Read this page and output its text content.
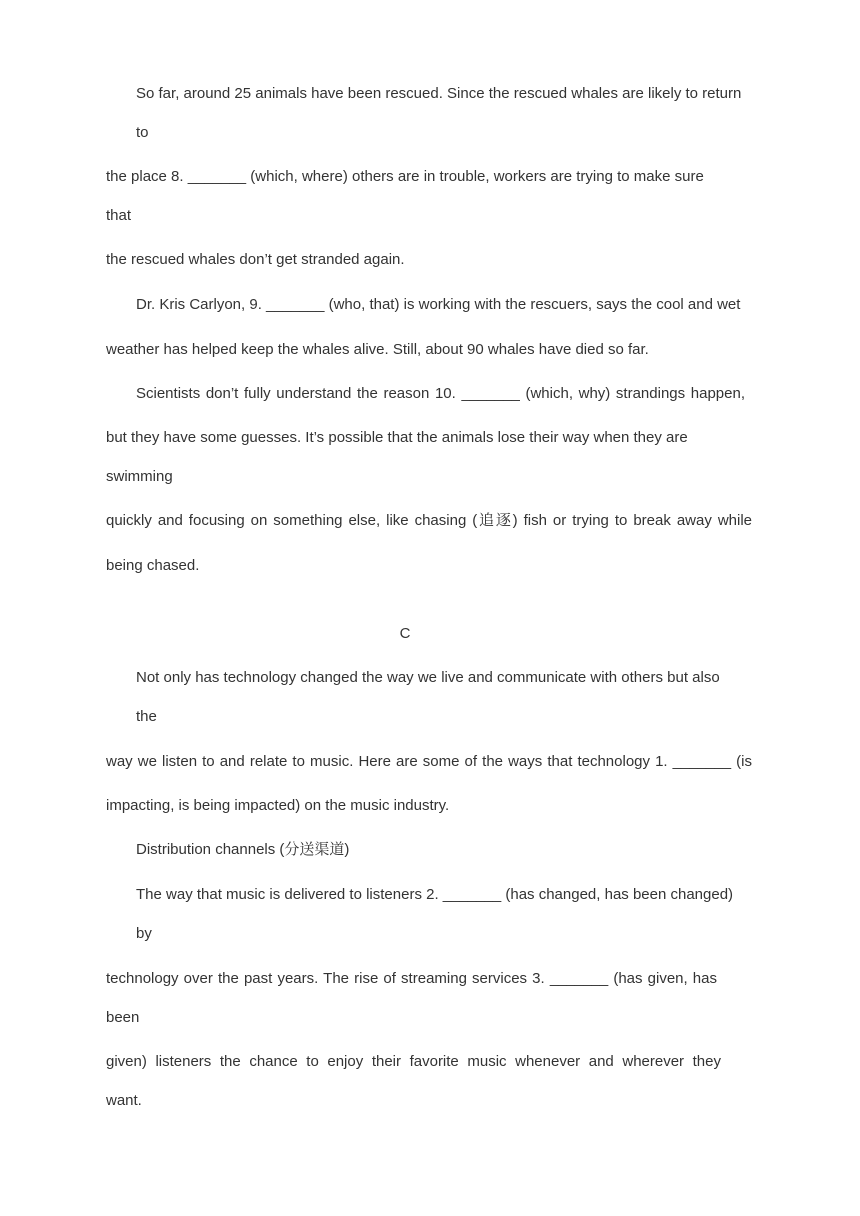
So far, around 25 animals have been rescued. Since the rescued whales are likely to return
to
the place 8. _______ (which, where) others are in trouble, workers are trying to make sure
that
the rescued whales don’t get stranded again.
Dr. Kris Carlyon, 9. _______ (who, that) is working with the rescuers, says the cool and wet
weather has helped keep the whales alive. Still, about 90 whales have died so far.
Scientists don’t fully understand the reason 10. _______ (which, why) strandings happen,
but they have some guesses. It’s possible that the animals lose their way when they are
swimming
quickly and focusing on something else, like chasing (追逐) fish or trying to break away while
being chased.
C
Not only has technology changed the way we live and communicate with others but also
the
way we listen to and relate to music. Here are some of the ways that technology 1. _______ (is
impacting, is being impacted) on the music industry.
Distribution channels (分送渠道)
The way that music is delivered to listeners 2. _______ (has changed, has been changed)
by
technology over the past years. The rise of streaming services 3. _______ (has given, has
been
given) listeners the chance to enjoy their favorite music whenever and wherever they
want.
